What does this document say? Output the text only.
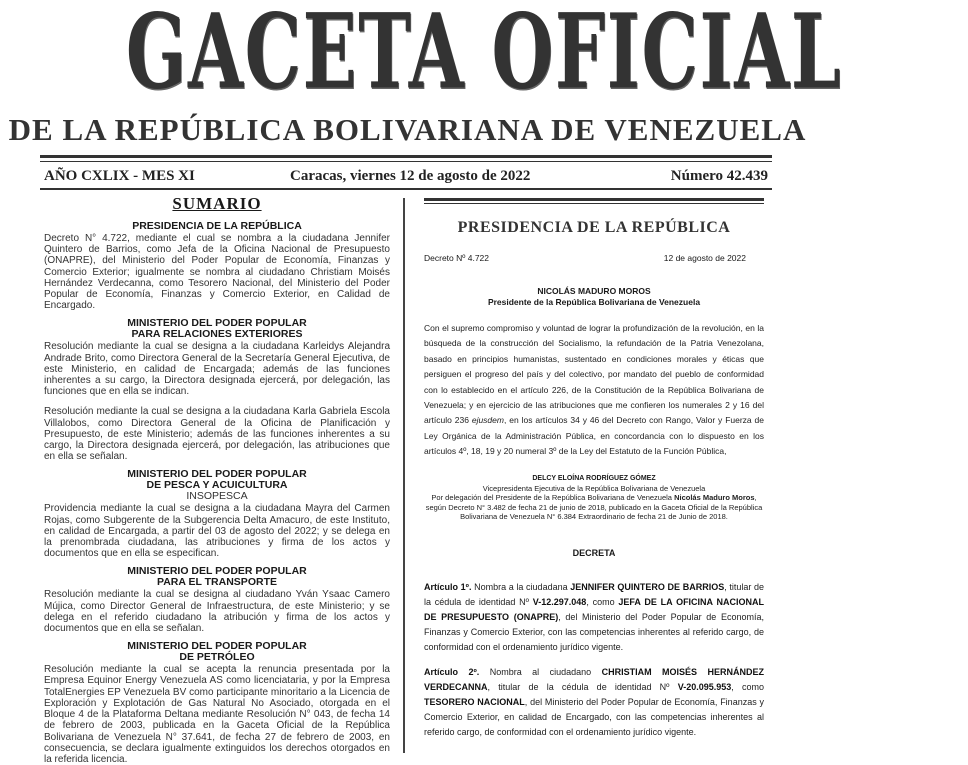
GACETA OFICIAL
DE LA REPÚBLICA BOLIVARIANA DE VENEZUELA
AÑO CXLIX - MES XI	Caracas, viernes 12 de agosto de 2022	Número 42.439
SUMARIO
PRESIDENCIA DE LA REPÚBLICA

Decreto N° 4.722, mediante el cual se nombra a la ciudadana Jennifer Quintero de Barrios, como Jefa de la Oficina Nacional de Presupuesto (ONAPRE), del Ministerio del Poder Popular de Economía, Finanzas y Comercio Exterior; igualmente se nombra al ciudadano Christiam Moisés Hernández Verdecanna, como Tesorero Nacional, del Ministerio del Poder Popular de Economía, Finanzas y Comercio Exterior, en Calidad de Encargado.

MINISTERIO DEL PODER POPULAR
PARA RELACIONES EXTERIORES

Resolución mediante la cual se designa a la ciudadana Karleidys Alejandra Andrade Brito, como Directora General de la Secretaría General Ejecutiva, de este Ministerio, en calidad de Encargada; además de las funciones inherentes a su cargo, la Directora designada ejercerá, por delegación, las funciones que en ella se indican.

Resolución mediante la cual se designa a la ciudadana Karla Gabriela Escola Villalobos, como Directora General de la Oficina de Planificación y Presupuesto, de este Ministerio; además de las funciones inherentes a su cargo, la Directora designada ejercerá, por delegación, las atribuciones que en ella se señalan.

MINISTERIO DEL PODER POPULAR
DE PESCA Y ACUICULTURA
INSOPESCA

Providencia mediante la cual se designa a la ciudadana Mayra del Carmen Rojas, como Subgerente de la Subgerencia Delta Amacuro, de este Instituto, en calidad de Encargada, a partir del 03 de agosto del 2022; y se delega en la prenombrada ciudadana, las atribuciones y firma de los actos y documentos que en ella se especifican.

MINISTERIO DEL PODER POPULAR
PARA EL TRANSPORTE

Resolución mediante la cual se designa al ciudadano Yván Ysaac Camero Mújica, como Director General de Infraestructura, de este Ministerio; y se delega en el referido ciudadano la atribución y firma de los actos y documentos que en ella se señalan.

MINISTERIO DEL PODER POPULAR
DE PETRÓLEO

Resolución mediante la cual se acepta la renuncia presentada por la Empresa Equinor Energy Venezuela AS como licenciataria, y por la Empresa TotalEnergies EP Venezuela BV como participante minoritario a la Licencia de Exploración y Explotación de Gas Natural No Asociado, otorgada en el Bloque 4 de la Plataforma Deltana mediante Resolución N° 043, de fecha 14 de febrero de 2003, publicada en la Gaceta Oficial de la República Bolivariana de Venezuela N° 37.641, de fecha 27 de febrero de 2003, en consecuencia, se declara igualmente extinguidos los derechos otorgados en la referida licencia.

PRESIDENCIA DE LA REPÚBLICA
Decreto Nº 4.722	12 de agosto de 2022
NICOLÁS MADURO MOROS
Presidente de la República Bolivariana de Venezuela

Con el supremo compromiso y voluntad de lograr la profundización de la revolución, en la búsqueda de la construcción del Socialismo, la refundación de la Patria Venezolana, basado en principios humanistas, sustentado en condiciones morales y éticas que persiguen el progreso del país y del colectivo, por mandato del pueblo de conformidad con lo establecido en el artículo 226, de la Constitución de la República Bolivariana de Venezuela; y en ejercicio de las atribuciones que me confieren los numerales 2 y 16 del artículo 236 ejusdem, en los artículos 34 y 46 del Decreto con Rango, Valor y Fuerza de Ley Orgánica de la Administración Pública, en concordancia con lo dispuesto en los artículos 4º, 18, 19 y 20 numeral 3º de la Ley del Estatuto de la Función Pública,

DELCY ELOÍNA RODRÍGUEZ GÓMEZ
Vicepresidenta Ejecutiva de la República Bolivariana de Venezuela
Por delegación del Presidente de la República Bolivariana de Venezuela Nicolás Maduro Moros, según Decreto N° 3.482 de fecha 21 de junio de 2018, publicado en la Gaceta Oficial de la República Bolivariana de Venezuela N° 6.384 Extraordinario de fecha 21 de Junio de 2018.
DECRETA

Artículo 1º. Nombra a la ciudadana JENNIFER QUINTERO DE BARRIOS, titular de la cédula de identidad Nº V-12.297.048, como JEFA DE LA OFICINA NACIONAL DE PRESUPUESTO (ONAPRE), del Ministerio del Poder Popular de Economía, Finanzas y Comercio Exterior, con las competencias inherentes al referido cargo, de conformidad con el ordenamiento jurídico vigente.

Artículo 2º. Nombra al ciudadano CHRISTIAM MOISÉS HERNÁNDEZ VERDECANNA, titular de la cédula de identidad Nº V-20.095.953, como TESORERO NACIONAL, del Ministerio del Poder Popular de Economía, Finanzas y Comercio Exterior, en calidad de Encargado, con las competencias inherentes al referido cargo, de conformidad con el ordenamiento jurídico vigente.
